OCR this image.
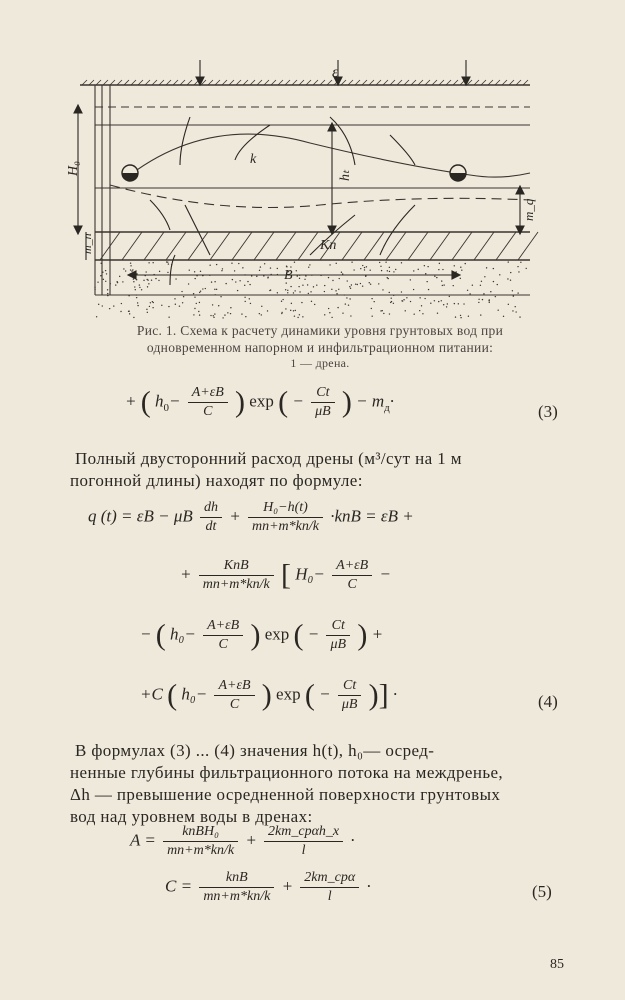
ε
H₀	hₜ
k
m_q
m_п	Kп
B
Рис. 1. Схема к расчету динамики уровня грунтовых вод при
одновременном напорном и инфильтрационном питании:
1 — дрена.
+ ( $h_0- \frac{A+\varepsilon B}{C}$ ) exp ( − $\frac{Ct}{\mu B}$ ) − $m_д\cdot$
(3)
Полный двусторонний расход дрены (м³/сут на 1 м
погонной длины) находят по формуле:
q (t) = εB − μB $\frac{dh}{dt} + \frac{\text{H₀−h(t)}}{mп+m*kп/k} \cdot kпB = \varepsilon B$ +
+ $\frac{\text{KпB}}{mп+m*kп/k}$ [ $H_0- \frac{A+\varepsilon B}{C}$ −
− ( $h_0- \frac{A+\varepsilon B}{C}$ ) exp ( − $\frac{Ct}{\mu B}$ ) +
+C ( $h_0- \frac{A+\varepsilon B}{C}$ ) exp ( − $\frac{Ct}{\mu B}$ )] ·	(4)
В формулах (3) ... (4) значения h(t), h₀— осред-
ненные глубины фильтрационного потока на междренье,
Δh — превышение осредненной поверхности грунтовых
вод над уровнем воды в дренах:
$A = \frac{\text{kпBH₀}}{mп+m*kп/k} + \frac{\text{2km\_сpαh\_x}}{l}$ ·
$C = \frac{\text{kпB}}{mп+m*kп/k} + \frac{\text{2km\_сpα}}{l}$ ·	(5)
85
